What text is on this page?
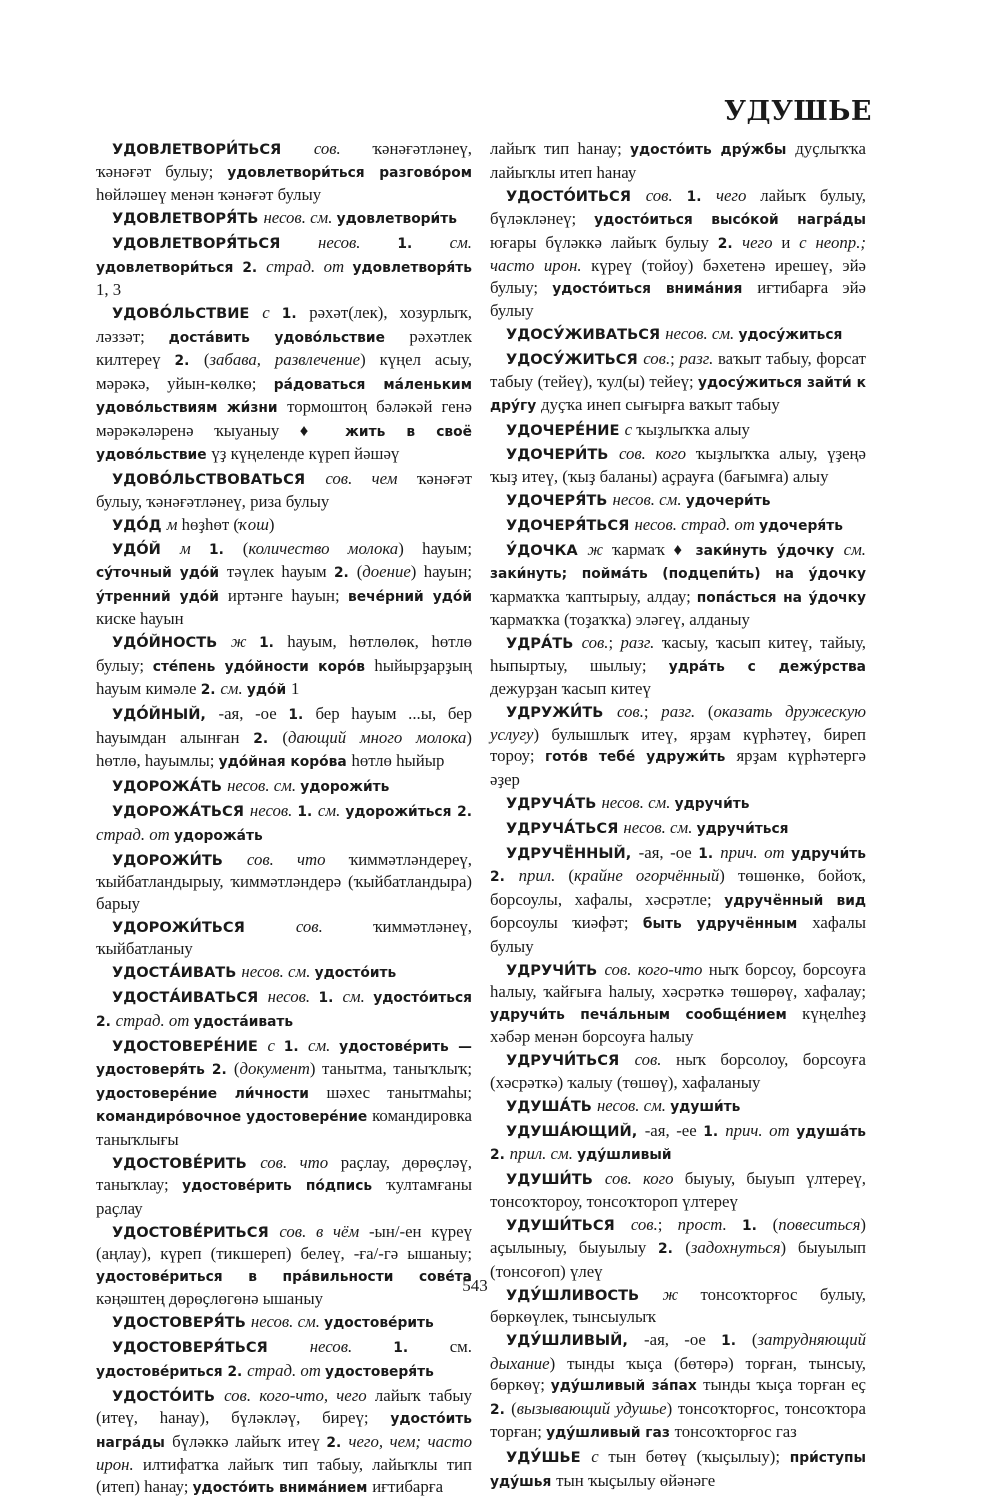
УДУШЬЕ

УДОВЛЕТВОРИ́ТЬСЯ сов. ҡәнәғәтләнеү, ҡәнәғәт булыу; удовлетвори́ться разгово́ром һөйләшеү менән ҡәнәғәт булыу

УДОВЛЕТВОРЯ́ТЬ несов. см. удовлетвори́ть

УДОВЛЕТВОРЯ́ТЬСЯ несов. 1. см. удовлетвори́ться 2. страд. от удовлетворя́ть 1, 3

УДОВО́ЛЬСТВИЕ с 1. рәхәт(лек), хозурлыҡ, ләззәт; доста́вить удово́льствие рәхәтлек килтереү 2. (забава, развлечение) күңел асыу, мәрәкә, уйын-көлкө; ра́доваться ма́леньким удово́льствиям жи́зни тормоштоң бәләкәй генә мәрәкәләренә ҡыуаныу ♦ жить в своё удово́льствие үҙ күңеленде күреп йәшәү

УДОВО́ЛЬСТВОВАТЬСЯ сов. чем ҡәнәғәт булыу, ҡәнәғәтләнеү, риза булыу

УДО́Д м һөҙһөт (ҡош)

УДО́Й м 1. (количество молока) һауым; су́точный удо́й тәүлек һауым 2. (доение) һауын; у́тренний удо́й иртәнге һауын; вече́рний удо́й киске һауын

УДО́ЙНОСТЬ ж 1. һауым, һөтлөлөк, һөтлө булыу; сте́пень удо́йности коро́в һыйырҙарҙың һауым кимәле 2. см. удо́й 1

УДО́ЙНЫЙ, -ая, -ое 1. бер һауым ...ы, бер һауымдан алынған 2. (дающий много молока) һөтлө, һауымлы; удо́йная коро́ва һөтлө һыйыр

УДОРОЖА́ТЬ несов. см. удорожи́ть

УДОРОЖА́ТЬСЯ несов. 1. см. удорожи́ться 2. страд. от удорожа́ть

УДОРОЖИ́ТЬ сов. что ҡиммәтләндереү, ҡыйбатландырыу, ҡиммәтләндерә (ҡыйбатландыра) барыу

УДОРОЖИ́ТЬСЯ сов. ҡиммәтләнеү, ҡыйбатланыу

УДОСТА́ИВАТЬ несов. см. удосто́ить

УДОСТА́ИВАТЬСЯ несов. 1. см. удосто́иться 2. страд. от удоста́ивать

УДОСТОВЕРЕ́НИЕ с 1. см. удостове́рить — удостоверя́ть 2. (документ) танытма, таныҡлыҡ; удостовере́ние ли́чности шәхес танытмаһы; командиро́вочное удостовере́ние командировка таныҡлығы

УДОСТОВЕ́РИТЬ сов. что раҫлау, дөрөҫләү, таныҡлау; удостове́рить по́дпись ҡултамғаны раҫлау

УДОСТОВЕ́РИТЬСЯ сов. в чём -ын/-ен күреү (аңлау), күреп (тикшереп) белеү, -ға/-гә ышаныу; удостове́риться в пра́вильности сове́та кәңәштең дөрөҫлөгөнә ышаныу

УДОСТОВЕРЯ́ТЬ несов. см. удостове́рить

УДОСТОВЕРЯ́ТЬСЯ несов. 1. см. удостове́риться 2. страд. от удостоверя́ть

УДОСТО́ИТЬ сов. кого-что, чего лайыҡ табыу (итеү, һанау), бүләкләү, биреү; удосто́ить награ́ды бүләккә лайыҡ итеү 2. чего, чем; часто ирон. илтифатҡа лайыҡ тип табыу, лайыҡлы тип (итеп) һанау; удосто́ить внима́нием иғтибарға

лайыҡ тип һанау; удосто́ить дру́жбы дуҫлыҡҡа лайыҡлы итеп һанау

УДОСТО́ИТЬСЯ сов. 1. чего лайыҡ булыу, бүләкләнеү; удосто́иться высо́кой награ́ды юғары бүләккә лайыҡ булыу 2. чего и с неопр.; часто ирон. күреү (тойоу) бәхетенә ирешеү, эйә булыу; удосто́иться внима́ния иғтибарға эйә булыу

УДОСУ́ЖИВАТЬСЯ несов. см. удосу́житься

УДОСУ́ЖИТЬСЯ сов.; разг. ваҡыт табыу, форсат табыу (тейеү), ҡул(ы) тейеү; удосу́житься зайти́ к дру́гу дуҫҡа инеп сығырға ваҡыт табыу

УДОЧЕРЕ́НИЕ с ҡыҙлыҡҡа алыу

УДОЧЕРИ́ТЬ сов. кого ҡыҙлыҡҡа алыу, үҙеңә ҡыҙ итеү, (ҡыҙ баланы) аҫрауға (бағымға) алыу

УДОЧЕРЯ́ТЬ несов. см. удочери́ть

УДОЧЕРЯ́ТЬСЯ несов. страд. от удочеря́ть

У́ДОЧКА ж ҡармаҡ ♦ заки́нуть у́дочку см. заки́нуть; пойма́ть (подцепи́ть) на у́дочку ҡармаҡҡа ҡаптырыу, алдау; попа́сться на у́дочку ҡармаҡҡа (тоҙаҡҡа) эләгеү, алданыу

УДРА́ТЬ сов.; разг. ҡасыу, ҡасып китеү, тайыу, һыпыртыу, шылыу; удра́ть с дежу́рства дежурҙан ҡасып китеү

УДРУЖИ́ТЬ сов.; разг. (оказать дружескую услугу) булышлыҡ итеү, ярҙам күрһәтеү, биреп тороу; гото́в тебе́ удружи́ть ярҙам күрһәтергә әҙер

УДРУЧА́ТЬ несов. см. удручи́ть

УДРУЧА́ТЬСЯ несов. см. удручи́ться

УДРУЧЁННЫЙ, -ая, -ое 1. прич. от удручи́ть 2. прил. (крайне огорчённый) төшөнкө, бойоҡ, борсоулы, хафалы, хәсрәтле; удручённый вид борсоулы ҡиәфәт; быть удручённым хафалы булыу

УДРУЧИ́ТЬ сов. кого-что ныҡ борсоу, борсоуға һалыу, ҡайғыға һалыу, хәсрәткә төшөрөү, хафалау; удручи́ть печа́льным сообще́нием күңелһеҙ хәбәр менән борсоуға һалыу

УДРУЧИ́ТЬСЯ сов. ныҡ борсолоу, борсоуға (хәсрәткә) ҡалыу (төшөү), хафаланыу

УДУША́ТЬ несов. см. удуши́ть

УДУША́ЮЩИЙ, -ая, -ее 1. прич. от удуша́ть 2. прил. см. уду́шливый

УДУШИ́ТЬ сов. кого быуыу, быуып үлтереү, тонсоҡтороу, тонсоҡтороп үлтереү

УДУШИ́ТЬСЯ сов.; прост. 1. (повеситься) аҫылыныу, быуылыу 2. (задохнуться) быуылып (тонсоғоп) үлеү

УДУ́ШЛИВОСТЬ ж тонсоҡторғос булыу, бөркөүлек, тынсыулыҡ

УДУ́ШЛИВЫЙ, -ая, -ое 1. (затрудняющий дыхание) тынды ҡыҫа (бөтөрә) торған, тынсыу, бөркөү; уду́шливый за́пах тынды ҡыҫа торған еҫ 2. (вызывающий удушье) тонсоҡторғос, тонсоҡтора торған; уду́шливый газ тонсоҡторғос газ

УДУ́ШЬЕ с тын бөтөү (ҡыҫылыу); при́ступы уду́шья тын ҡыҫылыу өйәнәге

543
